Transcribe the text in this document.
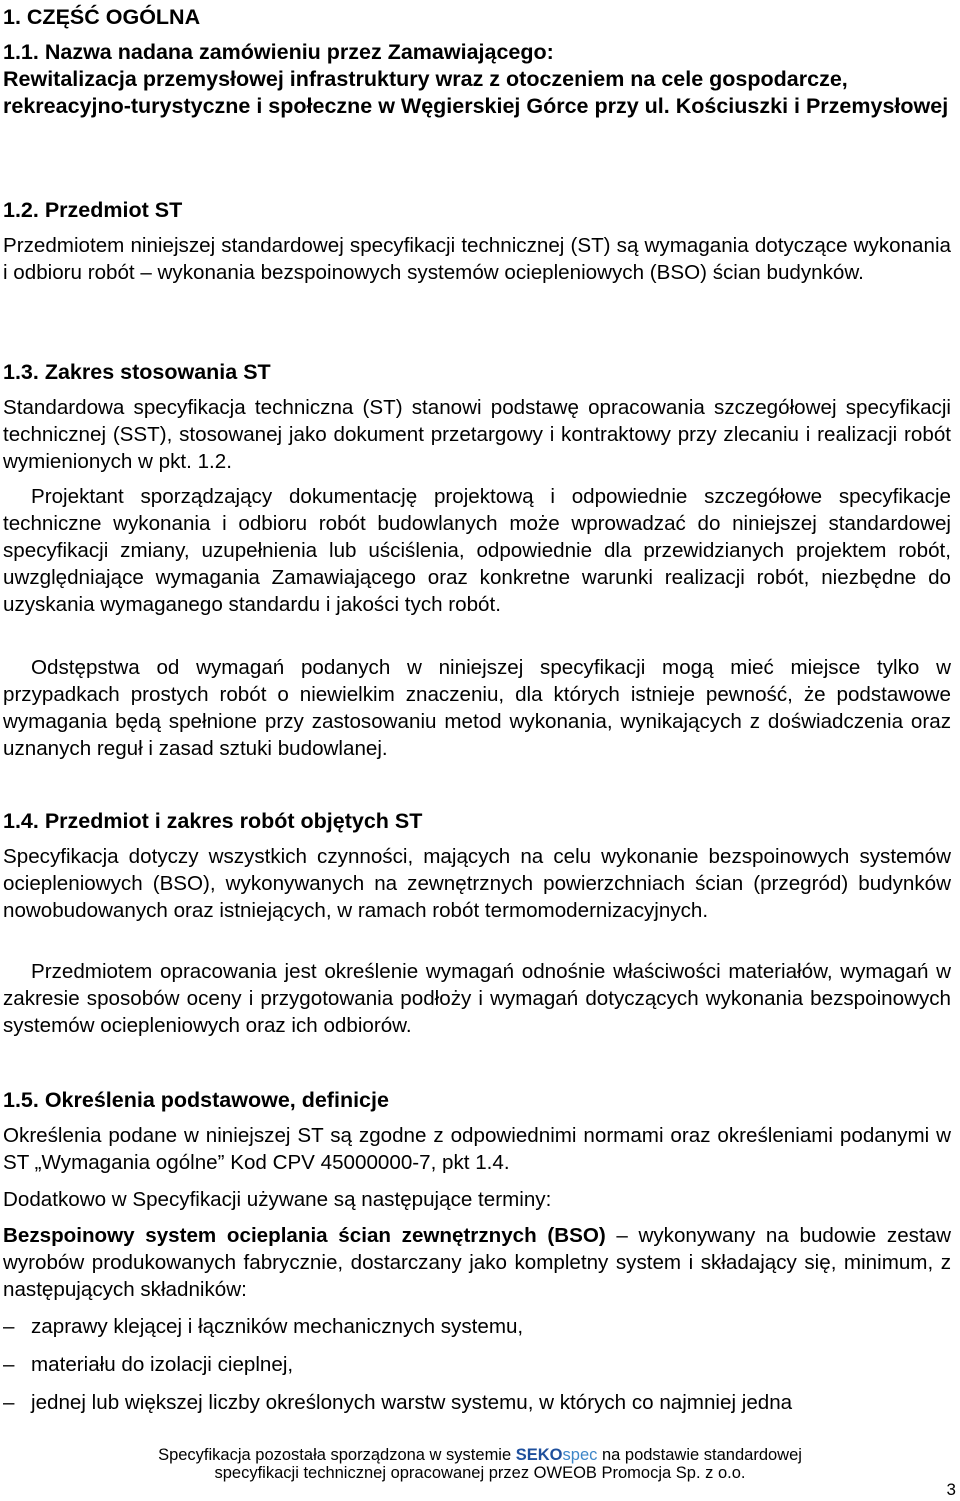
1. CZĘŚĆ OGÓLNA

1.1. Nazwa nadana zamówieniu przez Zamawiającego:

Rewitalizacja przemysłowej infrastruktury wraz z otoczeniem na cele gospodarcze, rekreacyjno-turystyczne i społeczne w Węgierskiej Górce przy ul. Kościuszki i Przemysłowej

1.2. Przedmiot ST

Przedmiotem niniejszej standardowej specyfikacji technicznej (ST) są wymagania dotyczące wykonania i odbioru robót – wykonania bezspoinowych systemów ociepleniowych (BSO) ścian budynków.

1.3. Zakres stosowania ST

Standardowa specyfikacja techniczna (ST) stanowi podstawę opracowania szczegółowej specyfikacji technicznej (SST), stosowanej jako dokument przetargowy i kontraktowy przy zlecaniu i realizacji robót wymienionych w pkt. 1.2.

Projektant sporządzający dokumentację projektową i odpowiednie szczegółowe specyfikacje techniczne wykonania i odbioru robót budowlanych może wprowadzać do niniejszej standardowej specyfikacji zmiany, uzupełnienia lub uściślenia, odpowiednie dla przewidzianych projektem robót, uwzględniające wymagania Zamawiającego oraz konkretne warunki realizacji robót, niezbędne do uzyskania wymaganego standardu i jakości tych robót.

Odstępstwa od wymagań podanych w niniejszej specyfikacji mogą mieć miejsce tylko w przypadkach prostych robót o niewielkim znaczeniu, dla których istnieje pewność, że podstawowe wymagania będą spełnione przy zastosowaniu metod wykonania, wynikających z doświadczenia oraz uznanych reguł i zasad sztuki budowlanej.

1.4. Przedmiot i zakres robót objętych ST

Specyfikacja dotyczy wszystkich czynności, mających na celu wykonanie bezspoinowych systemów ociepleniowych (BSO), wykonywanych na zewnętrznych powierzchniach ścian (przegród) budynków nowobudowanych oraz istniejących, w ramach robót termomodernizacyjnych.

Przedmiotem opracowania jest określenie wymagań odnośnie właściwości materiałów, wymagań w zakresie sposobów oceny i przygotowania podłoży i wymagań dotyczących wykonania bezspoinowych systemów ociepleniowych oraz ich odbiorów.

1.5. Określenia podstawowe, definicje

Określenia podane w niniejszej ST są zgodne z odpowiednimi normami oraz określeniami podanymi w ST „Wymagania ogólne” Kod CPV 45000000-7, pkt 1.4.

Dodatkowo w Specyfikacji używane są następujące terminy:

Bezspoinowy system ocieplania ścian zewnętrznych (BSO) – wykonywany na budowie zestaw wyrobów produkowanych fabrycznie, dostarczany jako kompletny system i składający się, minimum, z następujących składników:

– zaprawy klejącej i łączników mechanicznych systemu,
– materiału do izolacji cieplnej,
– jednej lub większej liczby określonych warstw systemu, w których co najmniej jedna
Specyfikacja pozostała sporządzona w systemie SEKOspec na podstawie standardowej
specyfikacji technicznej opracowanej przez OWEOB Promocja Sp. z o.o.
3
